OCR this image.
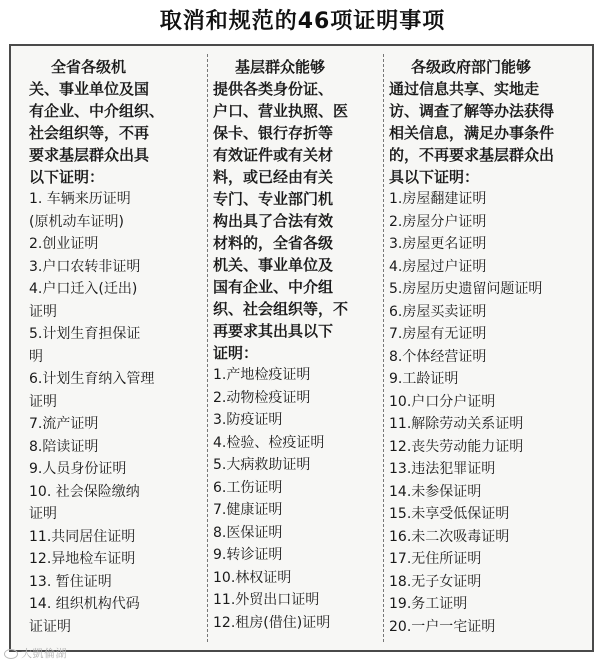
取消和规范的46项证明事项
全省各级机
关、事业单位及国
有企业、中介组织、
社会组织等，不再
要求基层群众出具
以下证明：
1. 车辆来历证明
(原机动车证明)
2.创业证明
3.户口农转非证明
4.户口迁入(迁出)
证明
5.计划生育担保证
明
6.计划生育纳入管理
证明
7.流产证明
8.陪读证明
9.人员身份证明
10. 社会保险缴纳
证明
11.共同居住证明
12.异地检车证明
13. 暂住证明
14. 组织机构代码
证证明
基层群众能够
提供各类身份证、
户口、营业执照、医
保卡、银行存折等
有效证件或有关材
料，或已经由有关
专门、专业部门机
构出具了合法有效
材料的，全省各级
机关、事业单位及
国有企业、中介组
织、社会组织等，不
再要求其出具以下
证明：
1.产地检疫证明
2.动物检疫证明
3.防疫证明
4.检验、检疫证明
5.大病救助证明
6.工伤证明
7.健康证明
8.医保证明
9.转诊证明
10.林权证明
11.外贸出口证明
12.租房(借住)证明
各级政府部门能够
通过信息共享、实地走
访、调查了解等办法获得
相关信息，满足办事条件
的，不再要求基层群众出
具以下证明：
1.房屋翻建证明
2.房屋分户证明
3.房屋更名证明
4.房屋过户证明
5.房屋历史遗留问题证明
6.房屋买卖证明
7.房屋有无证明
8.个体经营证明
9.工龄证明
10.户口分户证明
11.解除劳动关系证明
12.丧失劳动能力证明
13.违法犯罪证明
14.未参保证明
15.未享受低保证明
16.未二次吸毒证明
17.无住所证明
18.无子女证明
19.务工证明
20.一户一宅证明
大凱倫湖
